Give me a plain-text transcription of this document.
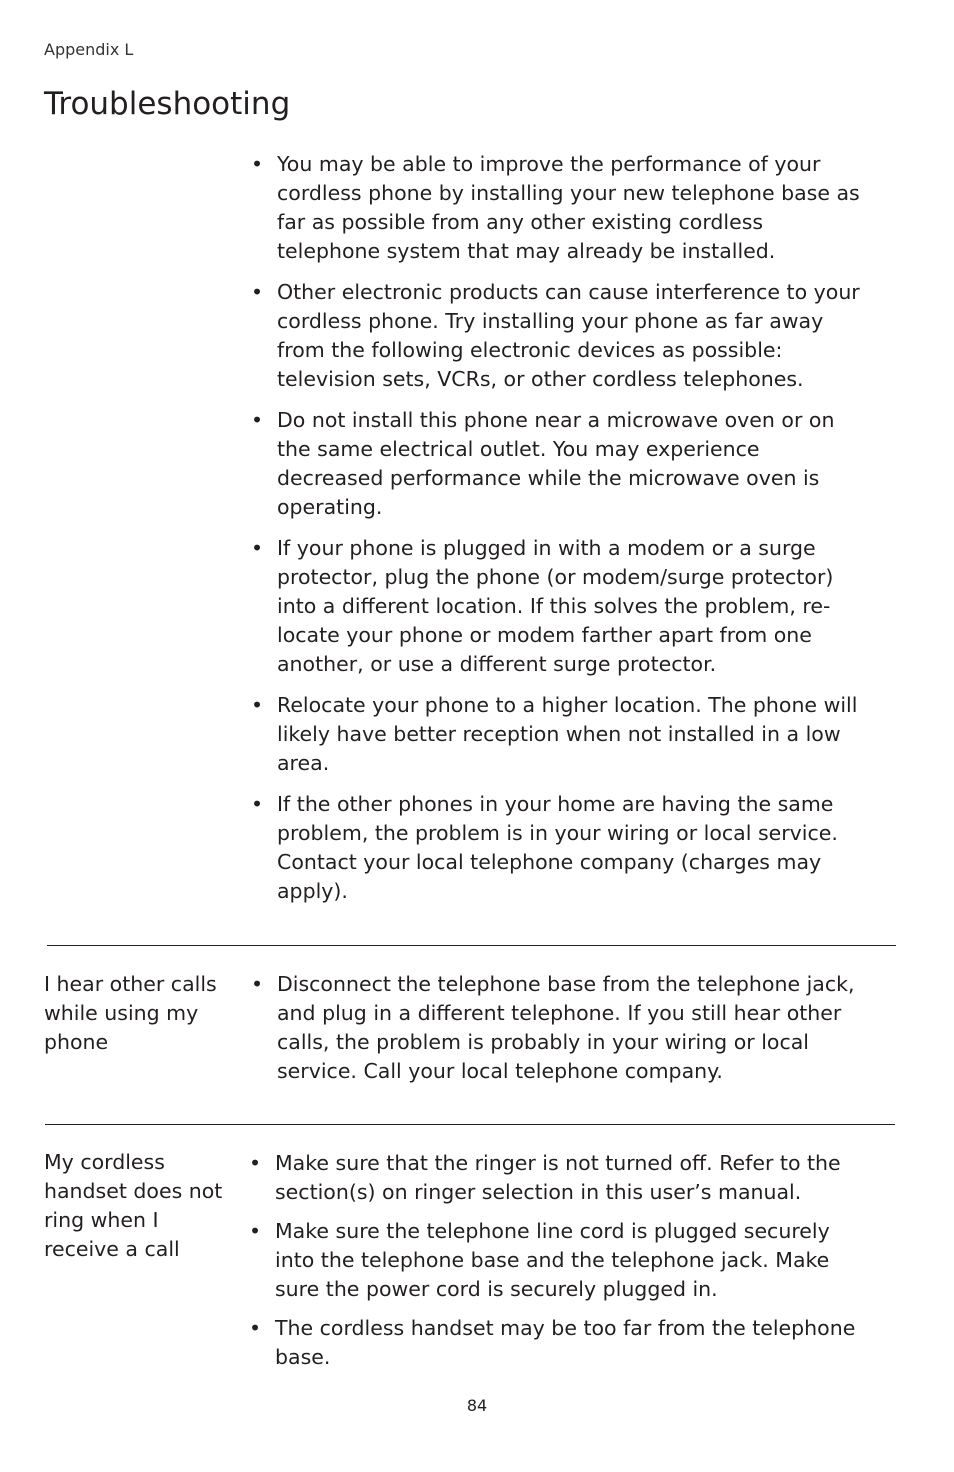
Appendix L
Troubleshooting
• You may be able to improve the performance of your cordless phone by installing your new telephone base as far as possible from any other existing cordless telephone system that may already be installed.
• Other electronic products can cause interference to your cordless phone. Try installing your phone as far away from the following electronic devices as possible: television sets, VCRs, or other cordless telephones.
• Do not install this phone near a microwave oven or on the same electrical outlet. You may experience decreased performance while the microwave oven is operating.
• If your phone is plugged in with a modem or a surge protector, plug the phone (or modem/surge protector) into a different location. If this solves the problem, re-locate your phone or modem farther apart from one another, or use a different surge protector.
• Relocate your phone to a higher location. The phone will likely have better reception when not installed in a low area.
• If the other phones in your home are having the same problem, the problem is in your wiring or local service. Contact your local telephone company (charges may apply).
I hear other calls while using my phone
• Disconnect the telephone base from the telephone jack, and plug in a different telephone. If you still hear other calls, the problem is probably in your wiring or local service. Call your local telephone company.
My cordless handset does not ring when I receive a call
• Make sure that the ringer is not turned off. Refer to the section(s) on ringer selection in this user’s manual.
• Make sure the telephone line cord is plugged securely into the telephone base and the telephone jack. Make sure the power cord is securely plugged in.
• The cordless handset may be too far from the telephone base.
84
